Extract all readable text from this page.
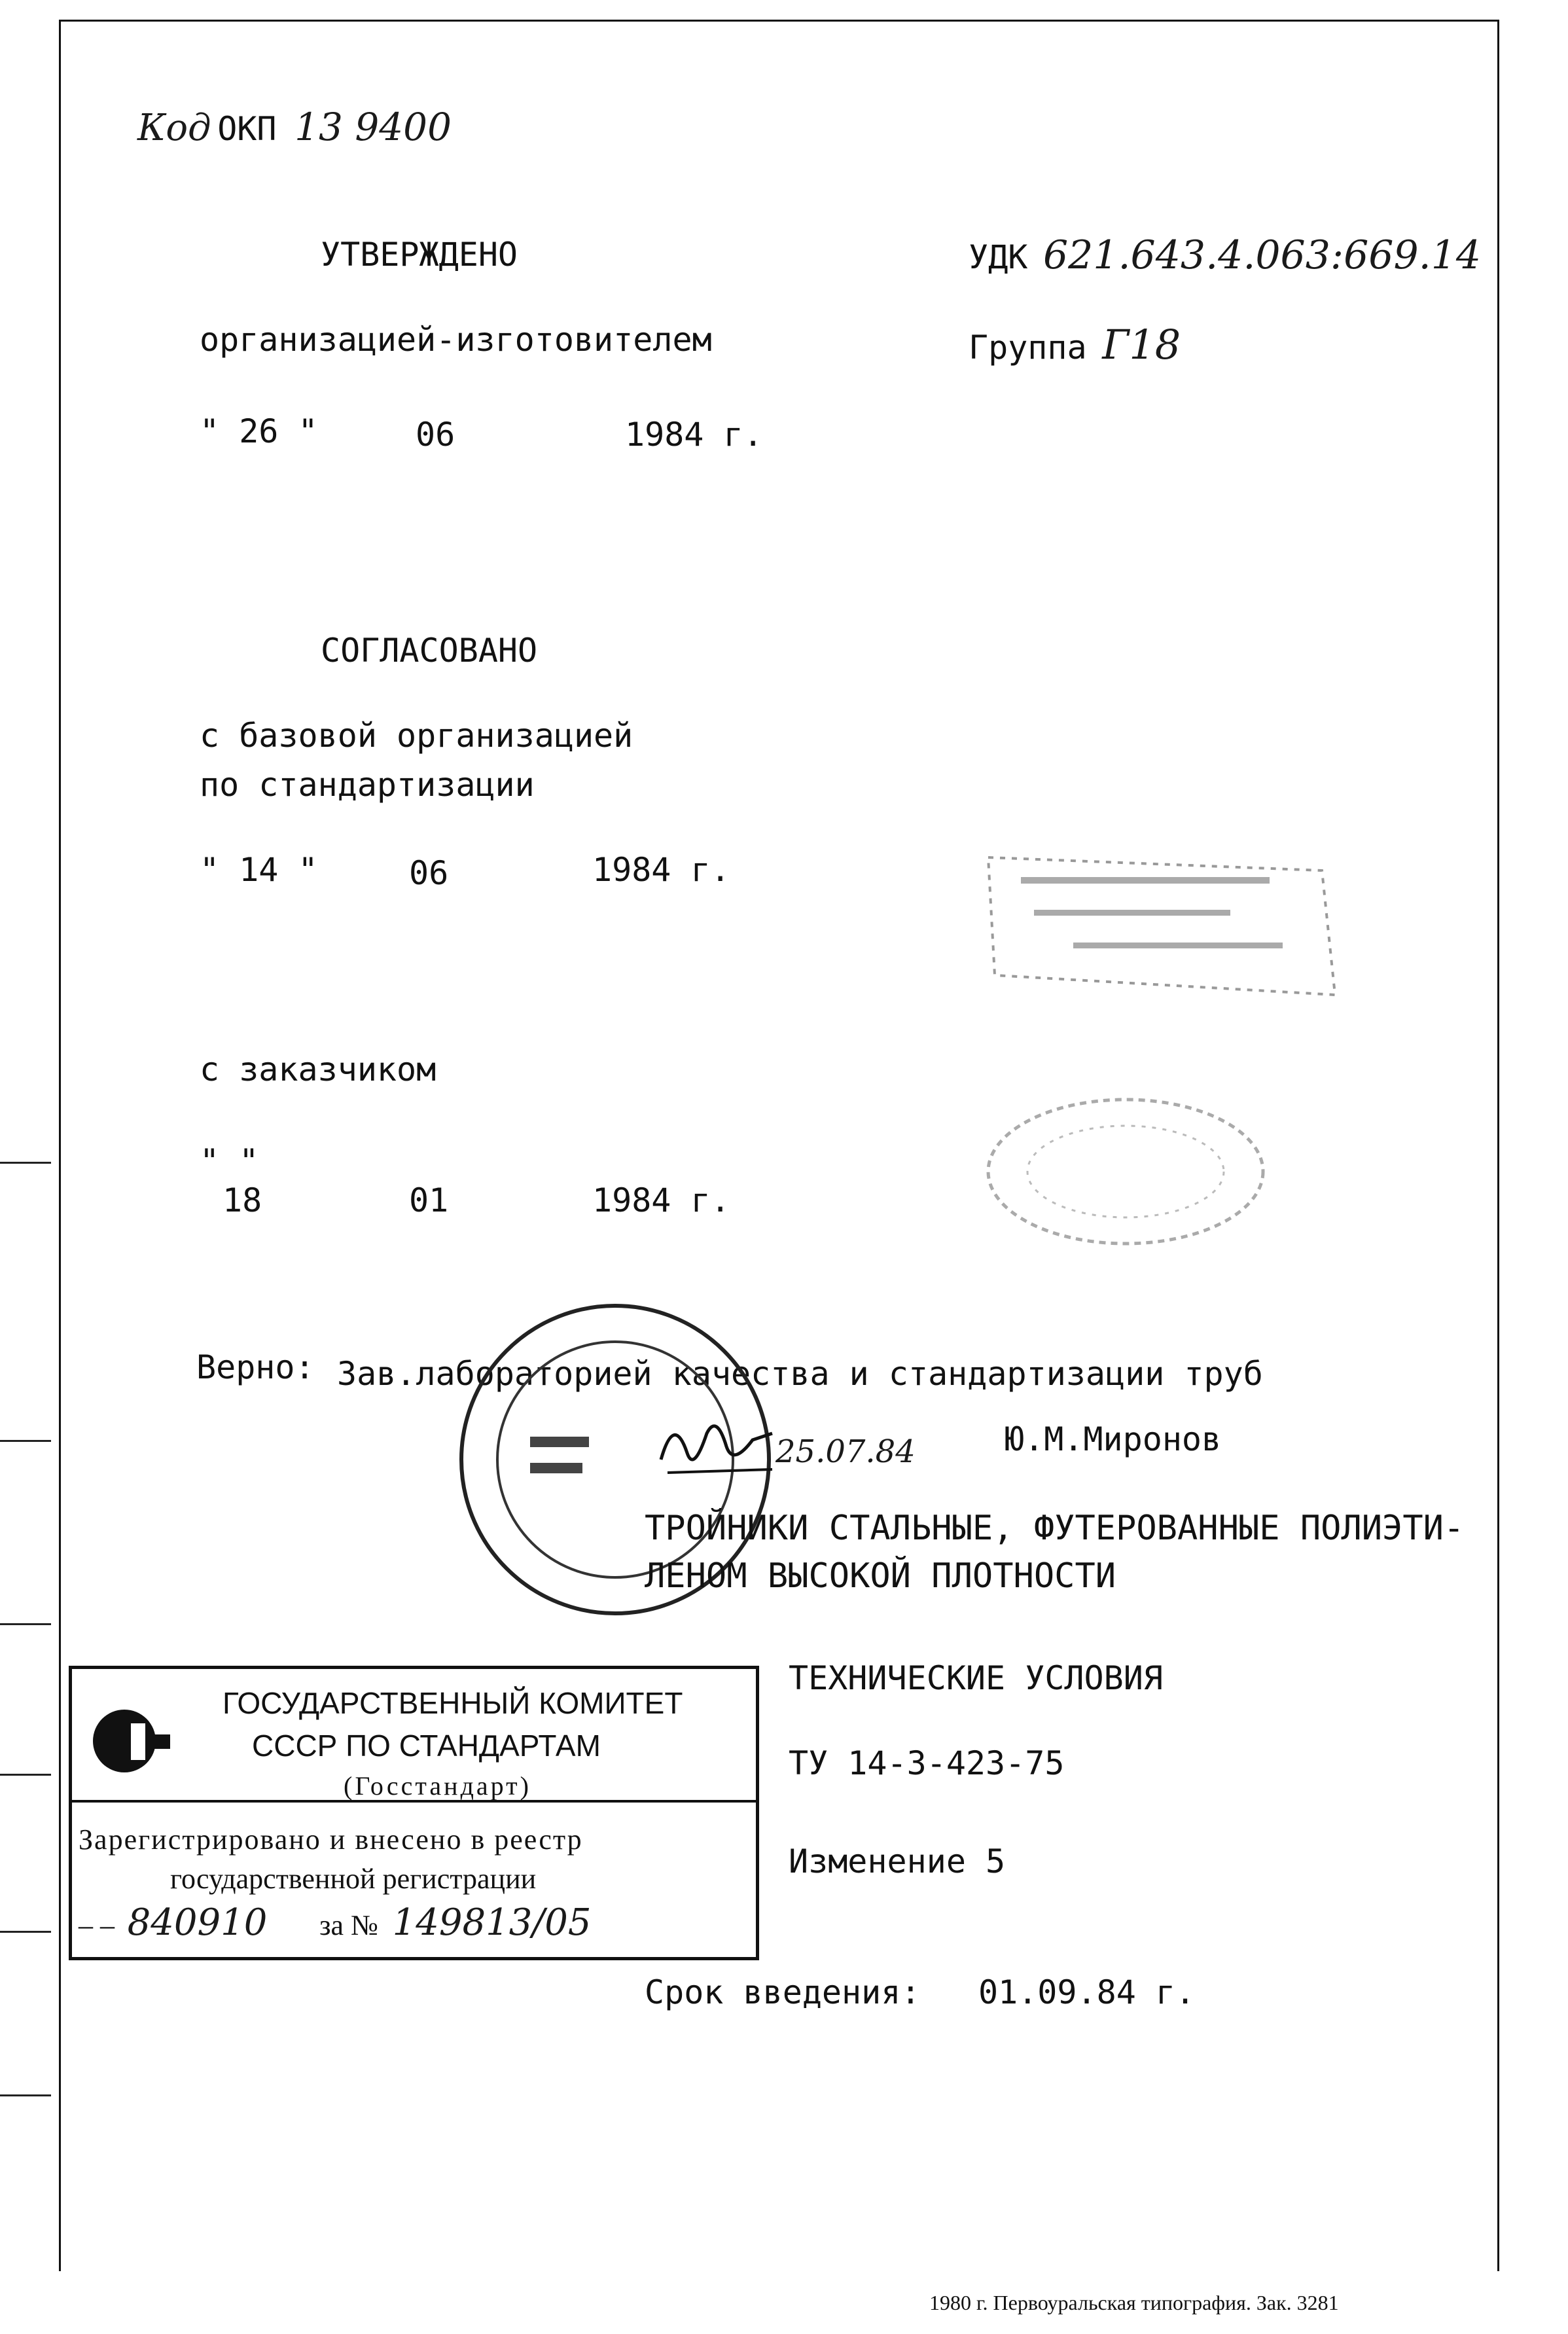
Код ОКП 13 9400
УДК 621.643.4.063:669.14
Группа Г18
УТВЕРЖДЕНО
организацией-изготовителем
" 26 "	06	1984 г.
СОГЛАСОВАНО
с базовой организацией
по стандартизации
" 14 "	06	1984 г.
с заказчиком
" "
18	01	1984 г.
Верно: Зав.лабораторией качества и стандартизации труб
25.07.84	Ю.М.Миронов
ТРОЙНИКИ СТАЛЬНЫЕ, ФУТЕРОВАННЫЕ ПОЛИЭТИ-
ЛЕНОМ ВЫСОКОЙ ПЛОТНОСТИ
ТЕХНИЧЕСКИЕ УСЛОВИЯ
ТУ 14-3-423-75
Изменение 5
Срок введения: 01.09.84 г.
ГОСУДАРСТВЕННЫЙ КОМИТЕТ
СССР ПО СТАНДАРТАМ
(Госстандарт)
Зарегистрировано и внесено в реестр
государственной регистрации
– – 840910 за № 149813/05
1980 г. Первоуральская типография. Зак. 3281
